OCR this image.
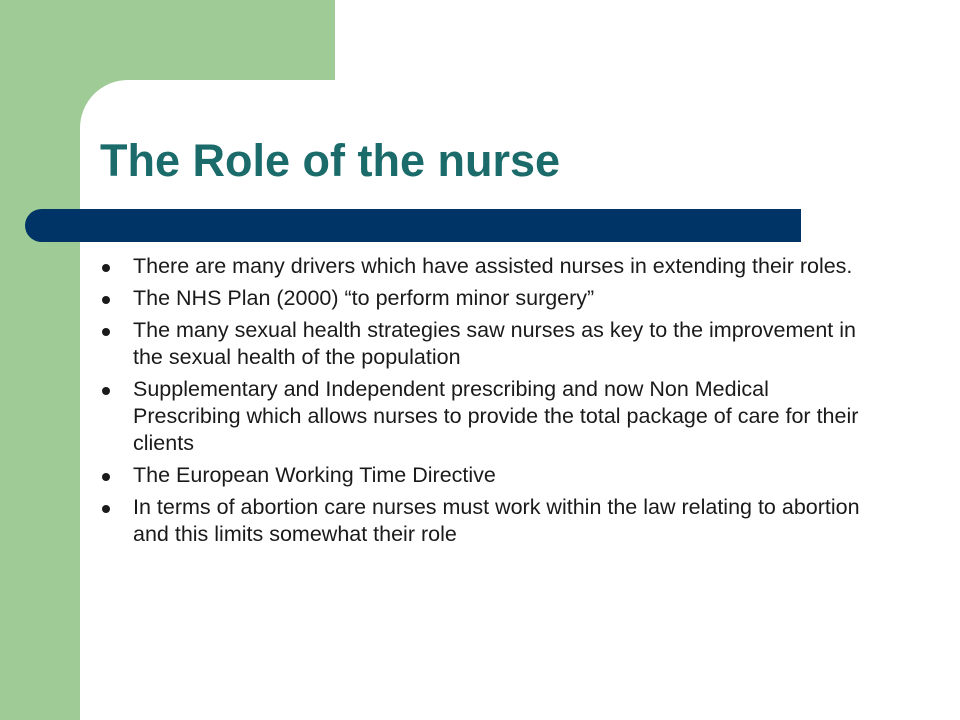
The Role of the nurse
There are many drivers which have assisted nurses in extending their roles.
The NHS Plan (2000) “to perform minor surgery”
The many sexual health strategies saw nurses as key to the improvement in the sexual health of the population
Supplementary and Independent prescribing and now Non Medical Prescribing which allows nurses to provide the total package of care for their clients
The European Working Time Directive
In terms of abortion care nurses must work within the law relating to abortion and this limits somewhat their role
